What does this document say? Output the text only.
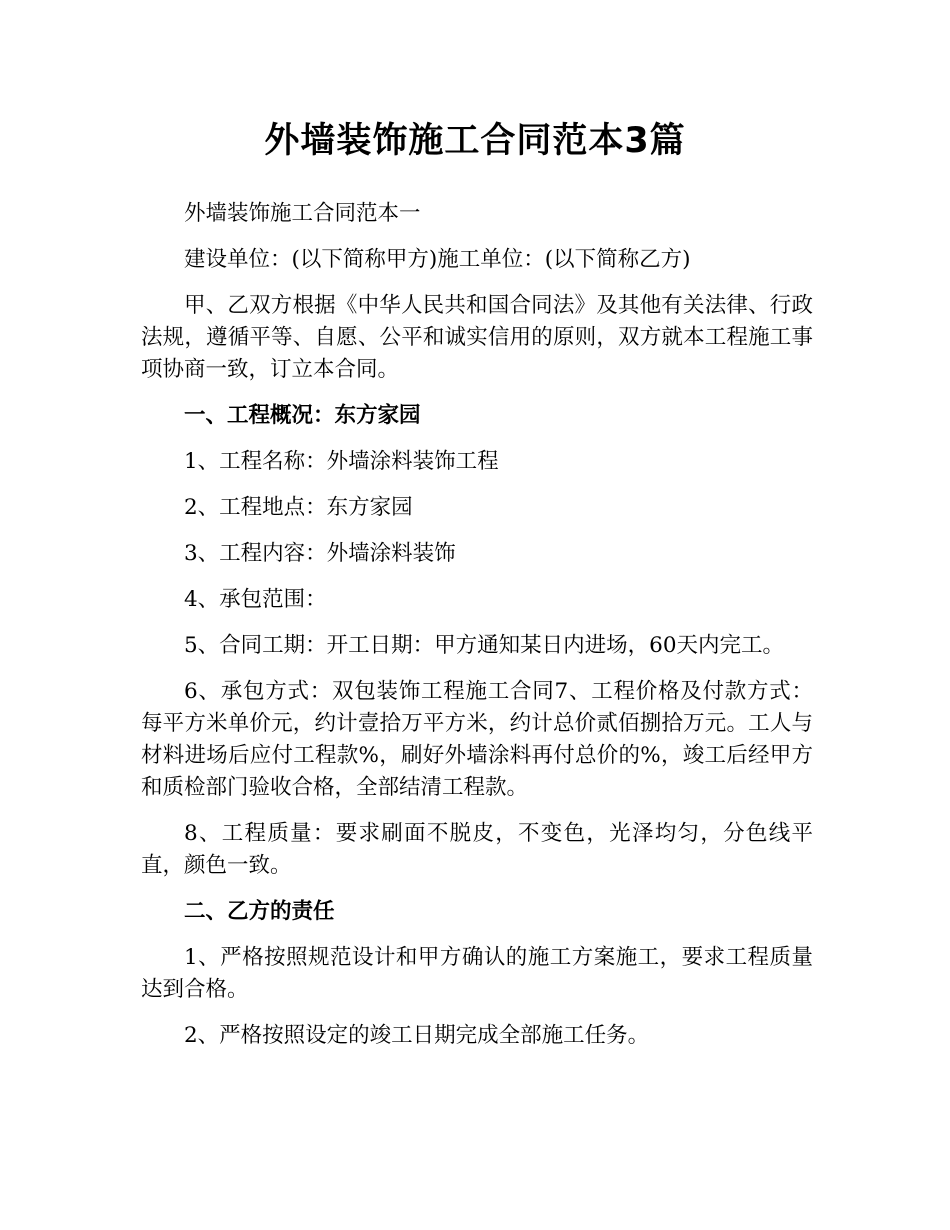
外墙装饰施工合同范本3篇

外墙装饰施工合同范本一

建设单位：(以下简称甲方)施工单位：(以下简称乙方)

甲、乙双方根据《中华人民共和国合同法》及其他有关法律、行政法规，遵循平等、自愿、公平和诚实信用的原则，双方就本工程施工事项协商一致，订立本合同。

一、工程概况：东方家园

1、工程名称：外墙涂料装饰工程

2、工程地点：东方家园

3、工程内容：外墙涂料装饰

4、承包范围：

5、合同工期：开工日期：甲方通知某日内进场，60天内完工。

6、承包方式：双包装饰工程施工合同7、工程价格及付款方式：每平方米单价元，约计壹拾万平方米，约计总价贰佰捌拾万元。工人与材料进场后应付工程款%，刷好外墙涂料再付总价的%，竣工后经甲方和质检部门验收合格，全部结清工程款。

8、工程质量：要求刷面不脱皮，不变色，光泽均匀，分色线平直，颜色一致。

二、乙方的责任

1、严格按照规范设计和甲方确认的施工方案施工，要求工程质量达到合格。

2、严格按照设定的竣工日期完成全部施工任务。
